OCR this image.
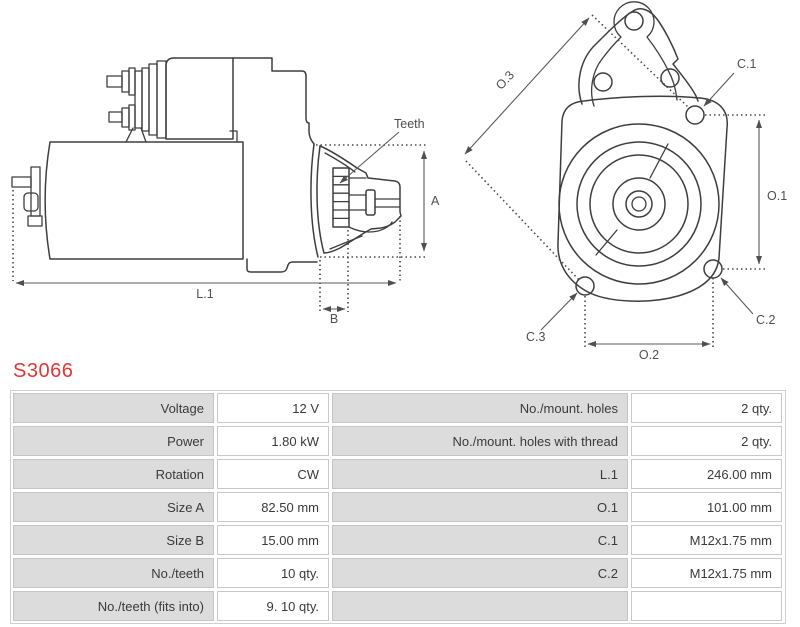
A
L.1
B
Teeth
O.3
C.1
O.1
C.2
C.3
O.2
S3066
Voltage	12 V	No./mount. holes	2 qty.
Power	1.80 kW	No./mount. holes with thread	2 qty.
Rotation	CW	L.1	246.00 mm
Size A	82.50 mm	O.1	101.00 mm
Size B	15.00 mm	C.1	M12x1.75 mm
No./teeth	10 qty.	C.2	M12x1.75 mm
No./teeth (fits into)	9. 10 qty.
